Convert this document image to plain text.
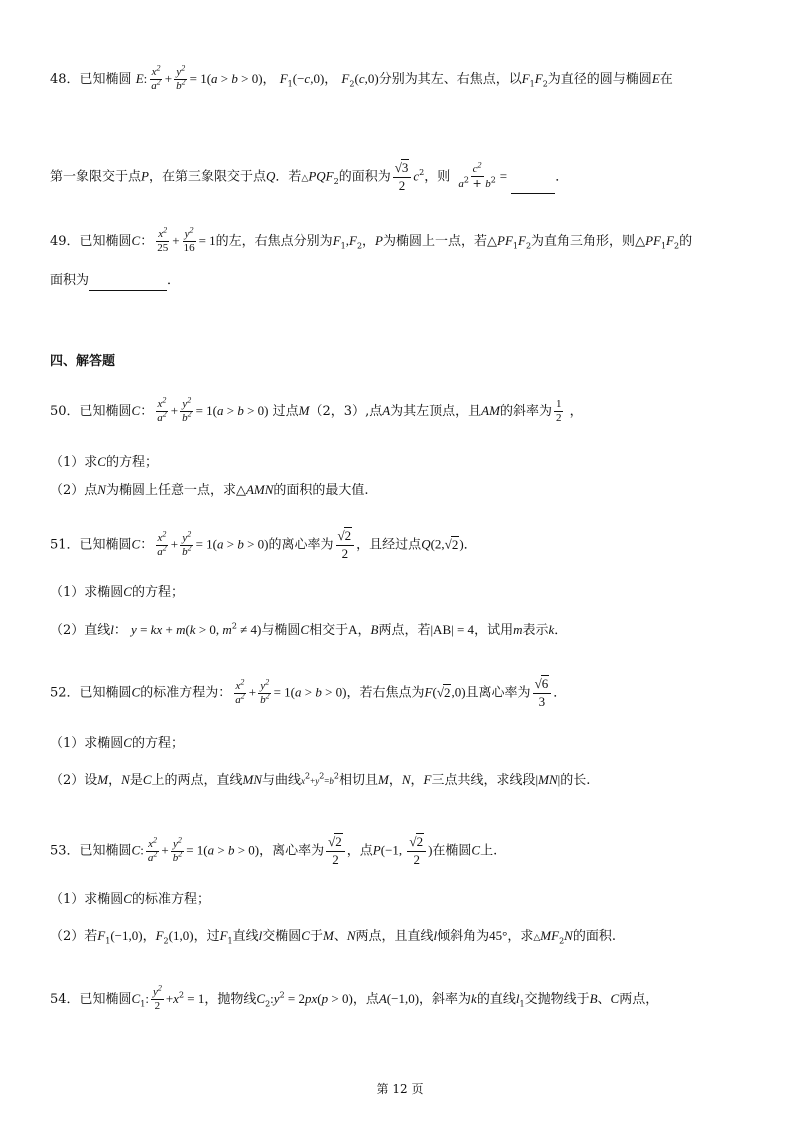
48．已知椭圆 E: $\frac{x^2}{a^2} + \frac{y^2}{b^2} = 1(a > b > 0)$， $F_1(-c,0)$， $F_2(c,0)$分别为其左、右焦点，以$F_1F_2$为直径的圆与椭圆E在
第一象限交于点P，在第三象限交于点Q．若$\triangle PQF_2$的面积为 $\frac{√3}{2} c^2$，则 $\frac{c^2}{a^2 + b^2}$ =	．
49．已知椭圆C： $\frac{x^2}{25} + \frac{y^2}{16} = 1$的左，右焦点分别为$F_1,F_2$，P为椭圆上一点，若$\triangle PF_1F_2$为直角三角形，则$\triangle PF_1F_2$的
面积为	．
四、解答题
50．已知椭圆C： $\frac{x^2}{a^2} + \frac{y^2}{b^2} = 1(a > b > 0)$ 过点M（2，3）,点A为其左顶点，且AM的斜率为 $\frac{1}{2}$ ，
（1）求C的方程；
（2）点N为椭圆上任意一点，求△AMN的面积的最大值.
51．已知椭圆C： $\frac{x^2}{a^2} + \frac{y^2}{b^2} = 1(a > b > 0)$的离心率为 $\frac{√2}{2}$ ，且经过点Q(2,√2)．
（1）求椭圆C的方程；
（2）直线l： y = kx + m(k > 0, $m^2 \ne 4$)与椭圆C相交于A，B两点，若|AB| = 4，试用m表示k．
52．已知椭圆C的标准方程为： $\frac{x^2}{a^2} + \frac{y^2}{b^2} = 1(a > b > 0)$，若右焦点为F(√2,0)且离心率为 $\frac{√6}{3}$ ．
（1）求椭圆C的方程；
（2）设M，N是C上的两点，直线MN与曲线$x^2+y^2=b^2$相切且M，N，F三点共线，求线段|MN|的长.
53．已知椭圆C: $\frac{x^2}{a^2} + \frac{y^2}{b^2} = 1(a > b > 0)$，离心率为 $\frac{√2}{2}$ ，点P(−1, $\frac{√2}{2}$ )在椭圆C上.
（1）求椭圆C的标准方程；
（2）若$F_1(-1,0)$，$F_2(1,0)$，过$F_1$直线l交椭圆C于M、N两点，且直线l倾斜角为45°，求$\triangle MF_2N$的面积.
54．已知椭圆$C_1$: $\frac{y^2}{2} +x^2 = 1$，抛物线$C_2:y^2 = 2px(p > 0)$，点A(−1,0)，斜率为k的直线$l_1$交抛物线于B、C两点，
第 12 页
